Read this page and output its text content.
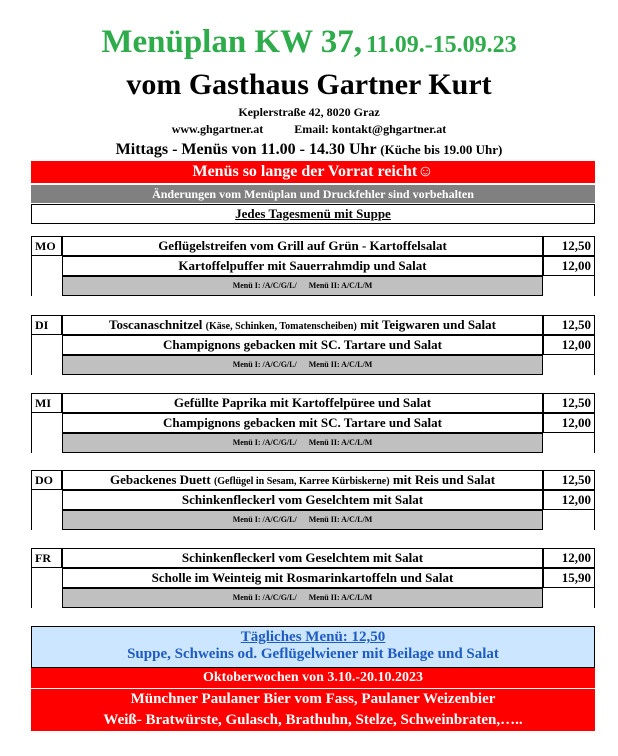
Menüplan KW 37, 11.09.-15.09.23
vom Gasthaus Gartner Kurt
Keplerstraße 42, 8020 Graz
www.ghgartner.at	Email: kontakt@ghgartner.at
Mittags - Menüs von 11.00 - 14.30 Uhr (Küche bis 19.00 Uhr)
Menüs so lange der Vorrat reicht☺
Änderungen vom Menüplan und Druckfehler sind vorbehalten
Jedes Tagesmenü mit Suppe
MO	Geflügelstreifen vom Grill auf Grün - Kartoffelsalat	12,50
Kartoffelpuffer mit Sauerrahmdip und Salat	12,00
Menü I: /A/C/G/L/ Menü II: A/C/L/M
DI	Toscanaschnitzel (Käse, Schinken, Tomatenscheiben) mit Teigwaren und Salat	12,50
Champignons gebacken mit SC. Tartare und Salat	12,00
Menü I: /A/C/G/L/ Menü II: A/C/L/M
MI	Gefüllte Paprika mit Kartoffelpüree und Salat	12,50
Champignons gebacken mit SC. Tartare und Salat	12,00
Menü I: /A/C/G/L/ Menü II: A/C/L/M
DO	Gebackenes Duett (Geflügel in Sesam, Karree Kürbiskerne) mit Reis und Salat	12,50
Schinkenfleckerl vom Geselchtem mit Salat	12,00
Menü I: /A/C/G/L/ Menü II: A/C/L/M
FR	Schinkenfleckerl vom Geselchtem mit Salat	12,00
Scholle im Weinteig mit Rosmarinkartoffeln und Salat	15,90
Menü I: /A/C/G/L/ Menü II: A/C/L/M
Tägliches Menü: 12,50
Suppe, Schweins od. Geflügelwiener mit Beilage und Salat
Oktoberwochen von 3.10.-20.10.2023
Münchner Paulaner Bier vom Fass, Paulaner Weizenbier
Weiß- Bratwürste, Gulasch, Brathuhn, Stelze, Schweinbraten,…..
